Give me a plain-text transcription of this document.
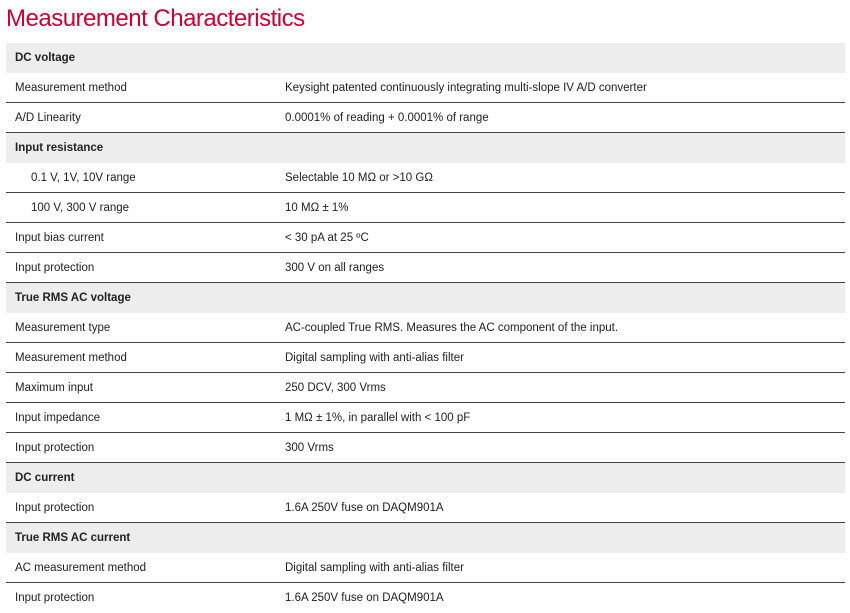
Measurement Characteristics
DC voltage
Measurement method	Keysight patented continuously integrating multi-slope IV A/D converter
A/D Linearity	0.0001% of reading + 0.0001% of range
Input resistance
0.1 V, 1V, 10V range	Selectable 10 MΩ or >10 GΩ
100 V, 300 V range	10 MΩ ± 1%
Input bias current	< 30 pA at 25 ºC
Input protection	300 V on all ranges
True RMS AC voltage
Measurement type	AC-coupled True RMS. Measures the AC component of the input.
Measurement method	Digital sampling with anti-alias filter
Maximum input	250 DCV, 300 Vrms
Input impedance	1 MΩ ± 1%, in parallel with < 100 pF
Input protection	300 Vrms
DC current
Input protection	1.6A 250V fuse on DAQM901A
True RMS AC current
AC measurement method	Digital sampling with anti-alias filter
Input protection	1.6A 250V fuse on DAQM901A
